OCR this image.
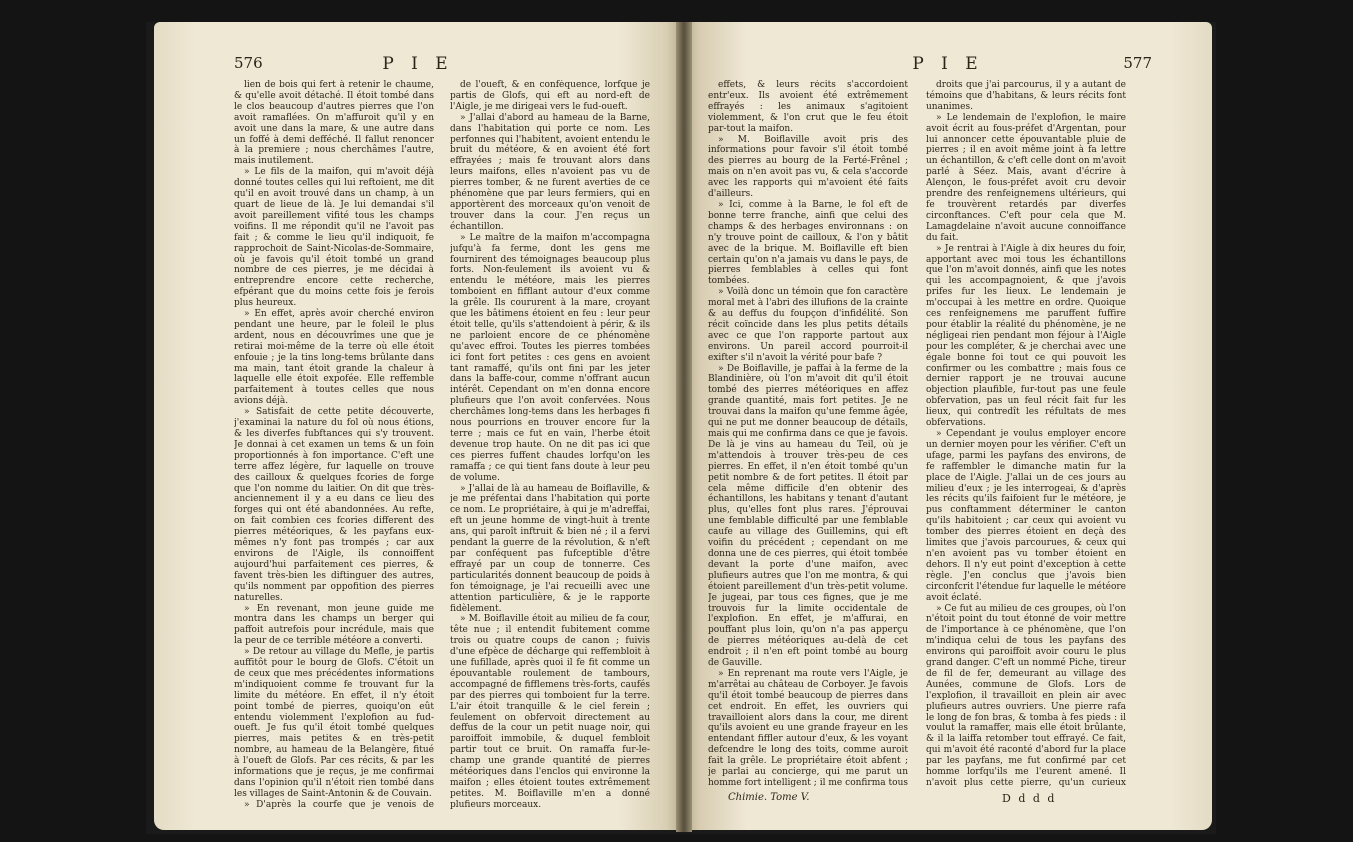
576	P I E

lien de bois qui fert à retenir le chaume, & qu'elle avoit détaché. Il étoit tombé dans le clos beaucoup d'autres pierres que l'on avoit ramaflées. On m'affuroit qu'il y en avoit une dans la mare, & une autre dans un foffé à demi defféché. Il fallut renoncer à la premiere ; nous cherchâmes l'autre, mais inutilement.

» Le fils de la maifon, qui m'avoit déjà donné toutes celles qui lui reftoient, me dit qu'il en avoit trouvé dans un champ, à un quart de lieue de là. Je lui demandai s'il avoit pareillement vifité tous les champs voifins. Il me répondit qu'il ne l'avoit pas fait ; & comme le lieu qu'il indiquoit, fe rapprochoit de Saint-Nicolas-de-Sommaire, où je favois qu'il étoit tombé un grand nombre de ces pierres, je me décidai à entreprendre encore cette recherche, efpérant que du moins cette fois je ferois plus heureux.

» En effet, après avoir cherché environ pendant une heure, par le foleil le plus ardent, nous en découvrîmes une que je retirai moi-même de la terre où elle étoit enfouie ; je la tins long-tems brûlante dans ma main, tant étoit grande la chaleur à laquelle elle étoit expofée. Elle reffemble parfaitement à toutes celles que nous avions déjà.

» Satisfait de cette petite découverte, j'examinai la nature du fol où nous étions, & les diverfes fubftances qui s'y trouvent. Je donnai à cet examen un tems & un foin proportionnés à fon importance. C'eft une terre affez légère, fur laquelle on trouve des cailloux & quelques fcories de forge que l'on nomme du laitier. On dit que très-anciennement il y a eu dans ce lieu des forges qui ont été abandonnées. Au refte, on fait combien ces fcories different des pierres météoriques, & les payfans eux-mêmes n'y font pas trompés ; car aux environs de l'Aigle, ils connoiffent aujourd'hui parfaitement ces pierres, & favent très-bien les diftinguer des autres, qu'ils nomment par oppofition des pierres naturelles.

» En revenant, mon jeune guide me montra dans les champs un berger qui paffoit autrefois pour incrédule, mais que la peur de ce terrible météore a converti.

» De retour au village du Mefle, je partis auffitôt pour le bourg de Glofs. C'étoit un de ceux que mes précédentes informations m'indiquoient comme fe trouvant fur la limite du météore. En effet, il n'y étoit point tombé de pierres, quoiqu'on eût entendu violemment l'explofion au fud-oueft. Je fus qu'il étoit tombé quelques pierres, mais petites & en très-petit nombre, au hameau de la Belangère, fitué à l'oueft de Glofs. Par ces récits, & par les informations que je reçus, je me confirmai dans l'opinion qu'il n'étoit rien tombé dans les villages de Saint-Antonin & de Couvain.

» D'après la courfe que je venois de

de l'oueft, & en conféquence, lorfque je partis de Glofs, qui eft au nord-eft de l'Aigle, je me dirigeai vers le fud-oueft.

» J'allai d'abord au hameau de la Barne, dans l'habitation qui porte ce nom. Les perfonnes qui l'habitent, avoient entendu le bruit du météore, & en avoient été fort effrayées ; mais fe trouvant alors dans leurs maifons, elles n'avoient pas vu de pierres tomber, & ne furent averties de ce phénomène que par leurs fermiers, qui en apportèrent des morceaux qu'on venoit de trouver dans la cour. J'en reçus un échantillon.

» Le maître de la maifon m'accompagna jufqu'à fa ferme, dont les gens me fournirent des témoignages beaucoup plus forts. Non-feulement ils avoient vu & entendu le météore, mais les pierres tomboient en fifflant autour d'eux comme la grêle. Ils coururent à la mare, croyant que les bâtimens étoient en feu : leur peur étoit telle, qu'ils s'attendoient à périr, & ils ne parloient encore de ce phénomène qu'avec effroi. Toutes les pierres tombées ici font fort petites : ces gens en avoient tant ramaffé, qu'ils ont fini par les jeter dans la baffe-cour, comme n'offrant aucun intérêt. Cependant on m'en donna encore plufieurs que l'on avoit confervées. Nous cherchâmes long-tems dans les herbages fi nous pourrions en trouver encore fur la terre ; mais ce fut en vain, l'herbe étoit devenue trop haute. On ne dit pas ici que ces pierres fuffent chaudes lorfqu'on les ramaffa ; ce qui tient fans doute à leur peu de volume.

» J'allai de là au hameau de Boiflaville, & je me préfentai dans l'habitation qui porte ce nom. Le propriétaire, à qui je m'adreffai, eft un jeune homme de vingt-huit à trente ans, qui paroît inftruit & bien né ; il a fervi pendant la guerre de la révolution, & n'eft par conféquent pas fufceptible d'être effrayé par un coup de tonnerre. Ces particularités donnent beaucoup de poids à fon témoignage, je l'ai recueilli avec une attention particulière, & je le rapporte fidèlement.

» M. Boiflaville étoit au milieu de fa cour, tête nue ; il entendit fubitement comme trois ou quatre coups de canon ; fuivis d'une efpèce de décharge qui reffembloit à une fufillade, après quoi il fe fit comme un épouvantable roulement de tambours, accompagné de fifflemens très-forts, caufés par des pierres qui tomboient fur la terre. L'air étoit tranquille & le ciel ferein ; feulement on obfervoit directement au deffus de la cour un petit nuage noir, qui paroiffoit immobile, & duquel fembloit partir tout ce bruit. On ramaffa fur-le-champ une grande quantité de pierres météoriques dans l'enclos qui environne la maifon ; elles étoient toutes extrêmement petites. M. Boiflaville m'en a donné plufieurs morceaux.

P I E	577

effets, & leurs récits s'accordoient entr'eux. Ils avoient été extrêmement effrayés : les animaux s'agitoient violemment, & l'on crut que le feu étoit par-tout la maifon.

» M. Boiflaville avoit pris des informations pour favoir s'il étoit tombé des pierres au bourg de la Ferté-Frênel ; mais on n'en avoit pas vu, & cela s'accorde avec les rapports qui m'avoient été faits d'ailleurs.

» Ici, comme à la Barne, le fol eft de bonne terre franche, ainfi que celui des champs & des herbages environnans : on n'y trouve point de cailloux, & l'on y bâtit avec de la brique. M. Boiflaville eft bien certain qu'on n'a jamais vu dans le pays, de pierres femblables à celles qui font tombées.

» Voilà donc un témoin que fon caractère moral met à l'abri des illufions de la crainte & au deffus du foupçon d'infidélité. Son récit coïncide dans les plus petits détails avec ce que l'on rapporte partout aux environs. Un pareil accord pourroit-il exifter s'il n'avoit la vérité pour bafe ?

» De Boiflaville, je paffai à la ferme de la Blandinière, où l'on m'avoit dit qu'il étoit tombé des pierres météoriques en affez grande quantité, mais fort petites. Je ne trouvai dans la maifon qu'une femme âgée, qui ne put me donner beaucoup de détails, mais qui me confirma dans ce que je favois. De là je vins au hameau du Teil, où je m'attendois à trouver très-peu de ces pierres. En effet, il n'en étoit tombé qu'un petit nombre & de fort petites. Il étoit par cela même difficile d'en obtenir des échantillons, les habitans y tenant d'autant plus, qu'elles font plus rares. J'éprouvai une femblable difficulté par une femblable caufe au village des Guillemins, qui eft voifin du précédent ; cependant on me donna une de ces pierres, qui étoit tombée devant la porte d'une maifon, avec plufieurs autres que l'on me montra, & qui étoient pareillement d'un très-petit volume. Je jugeai, par tous ces fignes, que je me trouvois fur la limite occidentale de l'explofion. En effet, je m'affurai, en pouffant plus loin, qu'on n'a pas apperçu de pierres météoriques au-delà de cet endroit ; il n'en eft point tombé au bourg de Gauville.

» En reprenant ma route vers l'Aigle, je m'arrêtai au château de Corboyer. Je favois qu'il étoit tombé beaucoup de pierres dans cet endroit. En effet, les ouvriers qui travailloient alors dans la cour, me dirent qu'ils avoient eu une grande frayeur en les entendant fiffler autour d'eux, & les voyant defcendre le long des toits, comme auroit fait la grêle. Le propriétaire étoit abfent ; je parlai au concierge, qui me parut un homme fort intelligent ; il me confirma tous

droits que j'ai parcourus, il y a autant de témoins que d'habitans, & leurs récits font unanimes.

» Le lendemain de l'explofion, le maire avoit écrit au fous-préfet d'Argentan, pour lui annoncer cette épouvantable pluie de pierres ; il en avoit même joint à fa lettre un échantillon, & c'eft celle dont on m'avoit parlé à Séez. Mais, avant d'écrire à Alençon, le fous-préfet avoit cru devoir prendre des renfeignemens ultérieurs, qui fe trouvèrent retardés par diverfes circonftances. C'eft pour cela que M. Lamagdelaine n'avoit aucune connoiffance du fait.

» Je rentrai à l'Aigle à dix heures du foir, apportant avec moi tous les échantillons que l'on m'avoit donnés, ainfi que les notes qui les accompagnoient, & que j'avois prifes fur les lieux. Le lendemain je m'occupai à les mettre en ordre. Quoique ces renfeignemens me paruffent fuffire pour établir la réalité du phénomène, je ne négligeai rien pendant mon féjour à l'Aigle pour les compléter, & je cherchai avec une égale bonne foi tout ce qui pouvoit les confirmer ou les combattre ; mais fous ce dernier rapport je ne trouvai aucune objection plaufible, fur-tout pas une feule obfervation, pas un feul récit fait fur les lieux, qui contredît les réfultats de mes obfervations.

» Cependant je voulus employer encore un dernier moyen pour les vérifier. C'eft un ufage, parmi les payfans des environs, de fe raffembler le dimanche matin fur la place de l'Aigle. J'allai un de ces jours au milieu d'eux ; je les interrogeai, & d'après les récits qu'ils faifoient fur le météore, je pus conftamment déterminer le canton qu'ils habitoient ; car ceux qui avoient vu tomber des pierres étoient en deçà des limites que j'avois parcourues, & ceux qui n'en avoient pas vu tomber étoient en dehors. Il n'y eut point d'exception à cette règle. J'en conclus que j'avois bien circonfcrit l'étendue fur laquelle le météore avoit éclaté.

» Ce fut au milieu de ces groupes, où l'on n'étoit point du tout étonné de voir mettre de l'importance à ce phénomène, que l'on m'indiqua celui de tous les payfans des environs qui paroiffoit avoir couru le plus grand danger. C'eft un nommé Piche, tireur de fil de fer, demeurant au village des Aunées, commune de Glofs. Lors de l'explofion, il travailloit en plein air avec plufieurs autres ouvriers. Une pierre rafa le long de fon bras, & tomba à fes pieds : il voulut la ramaffer, mais elle étoit brûlante, & il la laiffa retomber tout effrayé. Ce fait, qui m'avoit été raconté d'abord fur la place par les payfans, me fut confirmé par cet homme lorfqu'ils me l'eurent amené. Il n'avoit plus cette pierre, qu'un curieux

Chimie. Tome V.	D d d d
